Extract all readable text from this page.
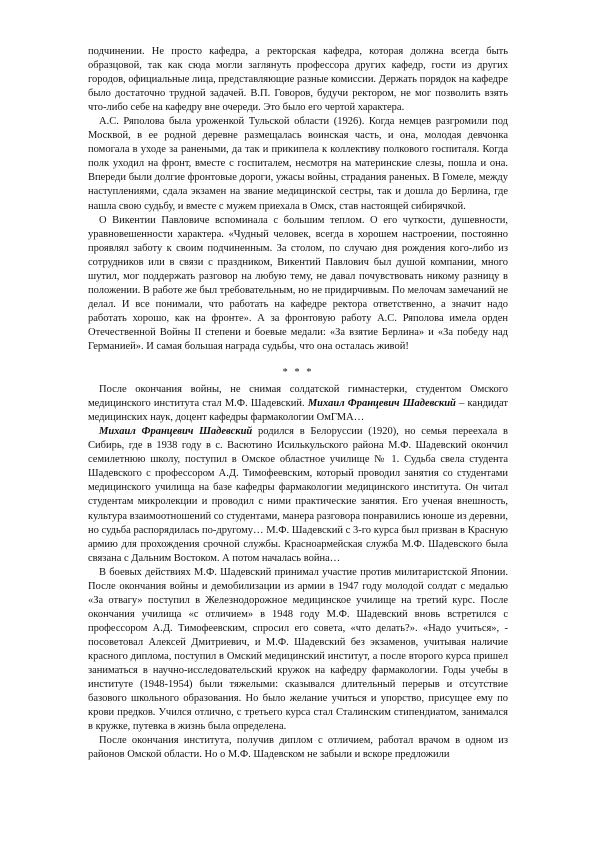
подчинении. Не просто кафедра, а ректорская кафедра, которая должна всегда быть образцовой, так как сюда могли заглянуть профессора других кафедр, гости из других городов, официальные лица, представляющие разные комиссии. Держать порядок на кафедре было достаточно трудной задачей. В.П. Говоров, будучи ректором, не мог позволить взять что-либо себе на кафедру вне очереди. Это было его чертой характера.

А.С. Ряполова была уроженкой Тульской области (1926). Когда немцев разгромили под Москвой, в ее родной деревне размещалась воинская часть, и она, молодая девчонка помогала в уходе за ранеными, да так и прикипела к коллективу полкового госпиталя. Когда полк уходил на фронт, вместе с госпиталем, несмотря на материнские слезы, пошла и она. Впереди были долгие фронтовые дороги, ужасы войны, страдания раненых. В Гомеле, между наступлениями, сдала экзамен на звание медицинской сестры, так и дошла до Берлина, где нашла свою судьбу, и вместе с мужем приехала в Омск, став настоящей сибирячкой.

О Викентии Павловиче вспоминала с большим теплом. О его чуткости, душевности, уравновешенности характера. «Чудный человек, всегда в хорошем настроении, постоянно проявлял заботу к своим подчиненным. За столом, по случаю дня рождения кого-либо из сотрудников или в связи с праздником, Викентий Павлович был душой компании, много шутил, мог поддержать разговор на любую тему, не давал почувствовать никому разницу в положении. В работе же был требовательным, но не придирчивым. По мелочам замечаний не делал. И все понимали, что работать на кафедре ректора ответственно, а значит надо работать хорошо, как на фронте». А за фронтовую работу А.С. Ряполова имела орден Отечественной Войны II степени и боевые медали: «За взятие Берлина» и «За победу над Германией». И самая большая награда судьбы, что она осталась живой!

* * *

После окончания войны, не снимая солдатской гимнастерки, студентом Омского медицинского института стал М.Ф. Шадевский. Михаил Францевич Шадевский – кандидат медицинских наук, доцент кафедры фармакологии ОмГМА…

Михаил Францевич Шадевский родился в Белоруссии (1920), но семья переехала в Сибирь, где в 1938 году в с. Васютино Исилькульского района М.Ф. Шадевский окончил семилетнюю школу, поступил в Омское областное училище № 1. Судьба свела студента Шадевского с профессором А.Д. Тимофеевским, который проводил занятия со студентами медицинского училища на базе кафедры фармакологии медицинского института. Он читал студентам микролекции и проводил с ними практические занятия. Его ученая внешность, культура взаимоотношений со студентами, манера разговора понравились юноше из деревни, но судьба распорядилась по-другому… М.Ф. Шадевский с 3-го курса был призван в Красную армию для прохождения срочной службы. Красноармейская служба М.Ф. Шадевского была связана с Дальним Востоком. А потом началась война…

В боевых действиях М.Ф. Шадевский принимал участие против милитаристской Японии. После окончания войны и демобилизации из армии в 1947 году молодой солдат с медалью «За отвагу» поступил в Железнодорожное медицинское училище на третий курс. После окончания училища «с отличием» в 1948 году М.Ф. Шадевский вновь встретился с профессором А.Д. Тимофеевским, спросил его совета, «что делать?». «Надо учиться», - посоветовал Алексей Дмитриевич, и М.Ф. Шадевский без экзаменов, учитывая наличие красного диплома, поступил в Омский медицинский институт, а после второго курса пришел заниматься в научно-исследовательский кружок на кафедру фармакологии. Годы учебы в институте (1948-1954) были тяжелыми: сказывался длительный перерыв и отсутствие базового школьного образования. Но было желание учиться и упорство, присущее ему по крови предков. Учился отлично, с третьего курса стал Сталинским стипендиатом, занимался в кружке, путевка в жизнь была определена.

После окончания института, получив диплом с отличием, работал врачом в одном из районов Омской области. Но о М.Ф. Шадевском не забыли и вскоре предложили
